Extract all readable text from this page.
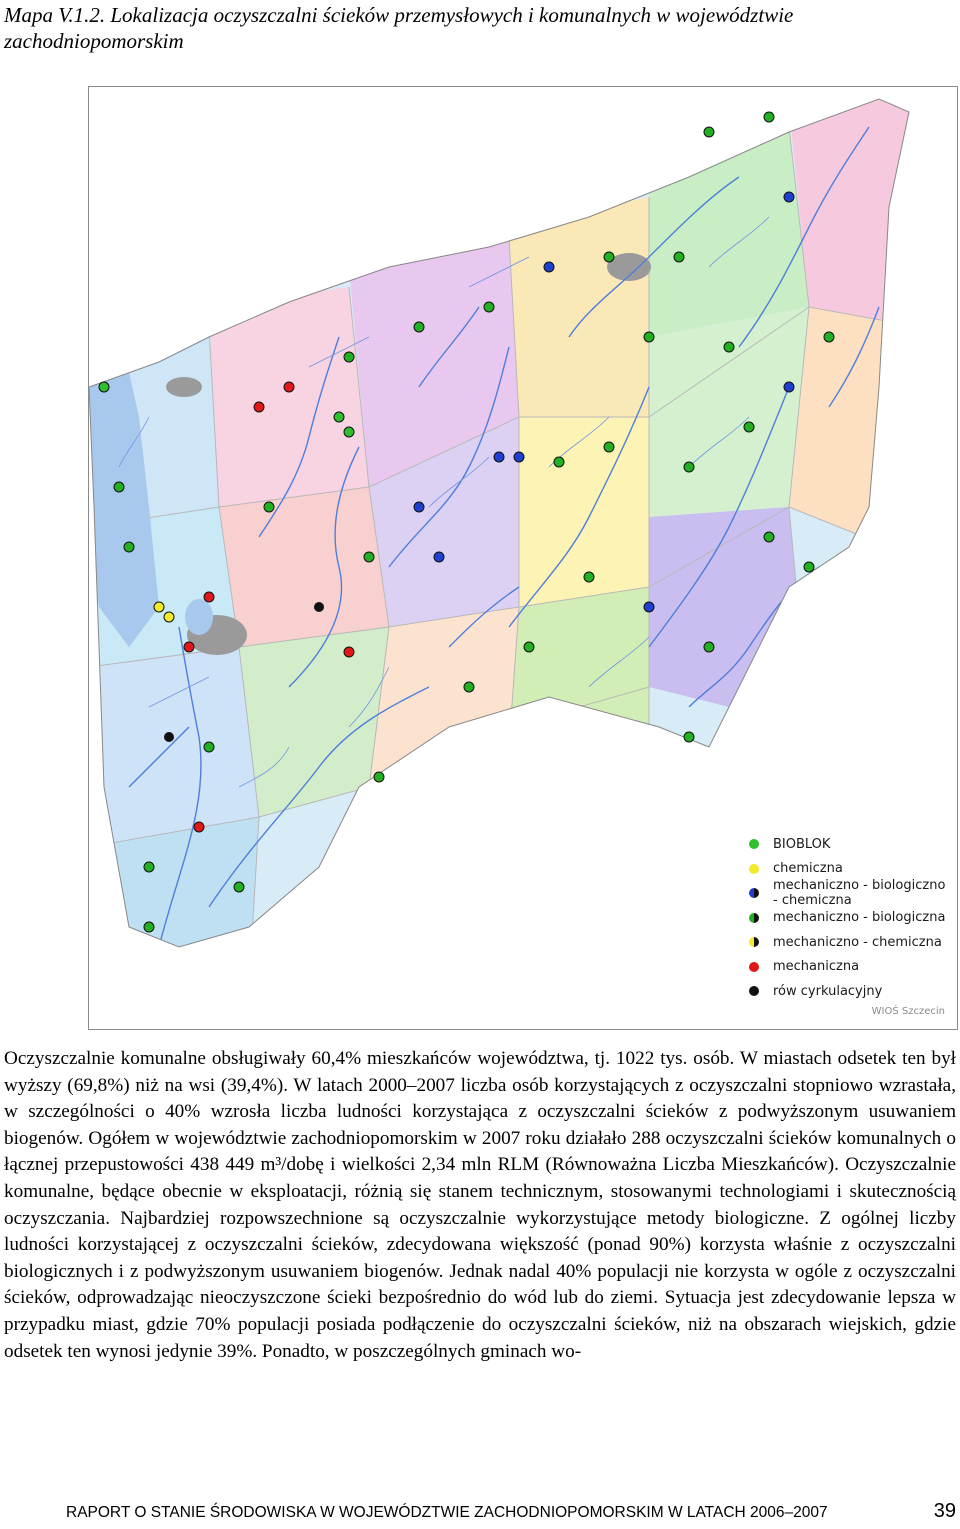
Mapa V.1.2. Lokalizacja oczyszczalni ścieków przemysłowych i komunalnych w województwie zachodniopomorskim
BIOBLOK
chemiczna
mechaniczno - biologiczno - chemiczna
mechaniczno - biologiczna
mechaniczno - chemiczna
mechaniczna
rów cyrkulacyjny
WIOŚ Szczecin

Oczyszczalnie komunalne obsługiwały 60,4% mieszkańców województwa, tj. 1022 tys. osób. W miastach odsetek ten był wyższy (69,8%) niż na wsi (39,4%). W latach 2000–2007 liczba osób korzystających z oczyszczalni stopniowo wzrastała, w szczególności o 40% wzrosła liczba ludności korzystająca z oczyszczalni ścieków z podwyższonym usuwaniem biogenów. Ogółem w województwie zachodniopomorskim w 2007 roku działało 288 oczyszczalni ścieków komunalnych o łącznej przepustowości 438 449 m³/dobę i wielkości 2,34 mln RLM (Równoważna Liczba Mieszkańców). Oczyszczalnie komunalne, będące obecnie w eksploatacji, różnią się stanem technicznym, stosowanymi technologiami i skutecznością oczyszczania. Najbardziej rozpowszechnione są oczyszczalnie wykorzystujące metody biologiczne. Z ogólnej liczby ludności korzystającej z oczyszczalni ścieków, zdecydowana większość (ponad 90%) korzysta właśnie z oczyszczalni biologicznych i z podwyższonym usuwaniem biogenów. Jednak nadal 40% populacji nie korzysta w ogóle z oczyszczalni ścieków, odprowadzając nieoczyszczone ścieki bezpośrednio do wód lub do ziemi. Sytuacja jest zdecydowanie lepsza w przypadku miast, gdzie 70% populacji posiada podłączenie do oczyszczalni ścieków, niż na obszarach wiejskich, gdzie odsetek ten wynosi jedynie 39%. Ponadto, w poszczególnych gminach wo-

RAPORT O STANIE ŚRODOWISKA W WOJEWÓDZTWIE ZACHODNIOPOMORSKIM W LATACH 2006–2007	39
